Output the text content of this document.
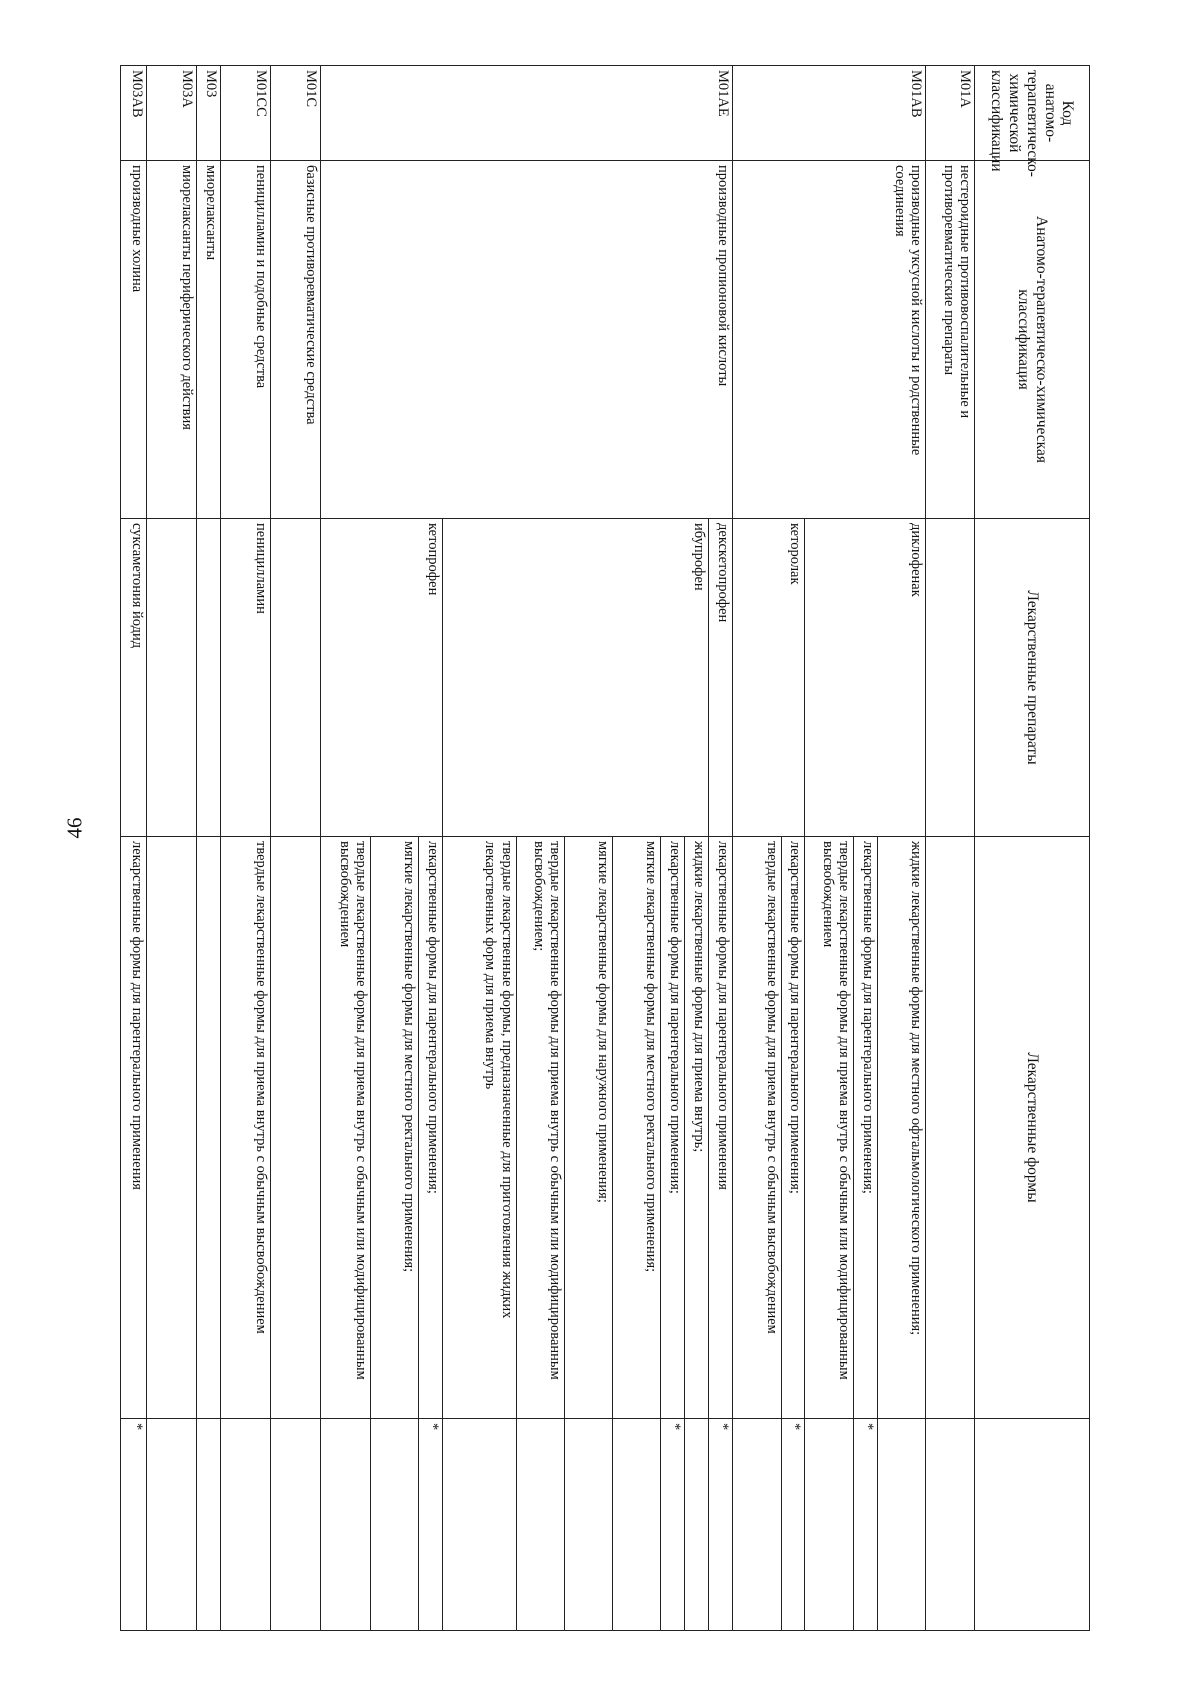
46
Код анатомо-терапевтическо-химической классификации	Анатомо-терапевтическо-химическая классификация	Лекарственные препараты	Лекарственные формы	
M01A	нестероидные противовоспалительные и противоревматические препараты			
M01AB	производные уксусной кислоты и родственные соединения	диклофенак	жидкие лекарственные формы для местного офтальмологического применения;	
			лекарственные формы для парентерального применения;	*
			твердые лекарственные формы для приема внутрь с обычным или модифицированным высвобождением	
		кеторолак	лекарственные формы для парентерального применения;	*
			твердые лекарственные формы для приема внутрь с обычным высвобождением	
M01AE	производные пропионовой кислоты	декскетопрофен	лекарственные формы для парентерального применения	*
		ибупрофен	жидкие лекарственные формы для приема внутрь;	
			лекарственные формы для парентерального применения;	*
			мягкие лекарственные формы для местного ректального применения;	
			мягкие лекарственные формы для наружного применения;	
			твердые лекарственные формы для приема внутрь с обычным или модифицированным высвобождением;	
			твердые лекарственные формы, предназначенные для приготовления жидких лекарственных форм для приема внутрь	
		кетопрофен	лекарственные формы для парентерального применения;	*
			мягкие лекарственные формы для местного ректального применения;	
			твердые лекарственные формы для приема внутрь с обычным или модифицированным высвобождением	
M01C	базисные противоревматические средства			
M01CC	пеницилламин и подобные средства	пеницилламин	твердые лекарственные формы для приема внутрь с обычным высвобождением	
M03	миорелаксанты			
M03A	миорелаксанты периферического действия			
M03AB	производные холина	суксаметония йодид	лекарственные формы для парентерального применения	*
